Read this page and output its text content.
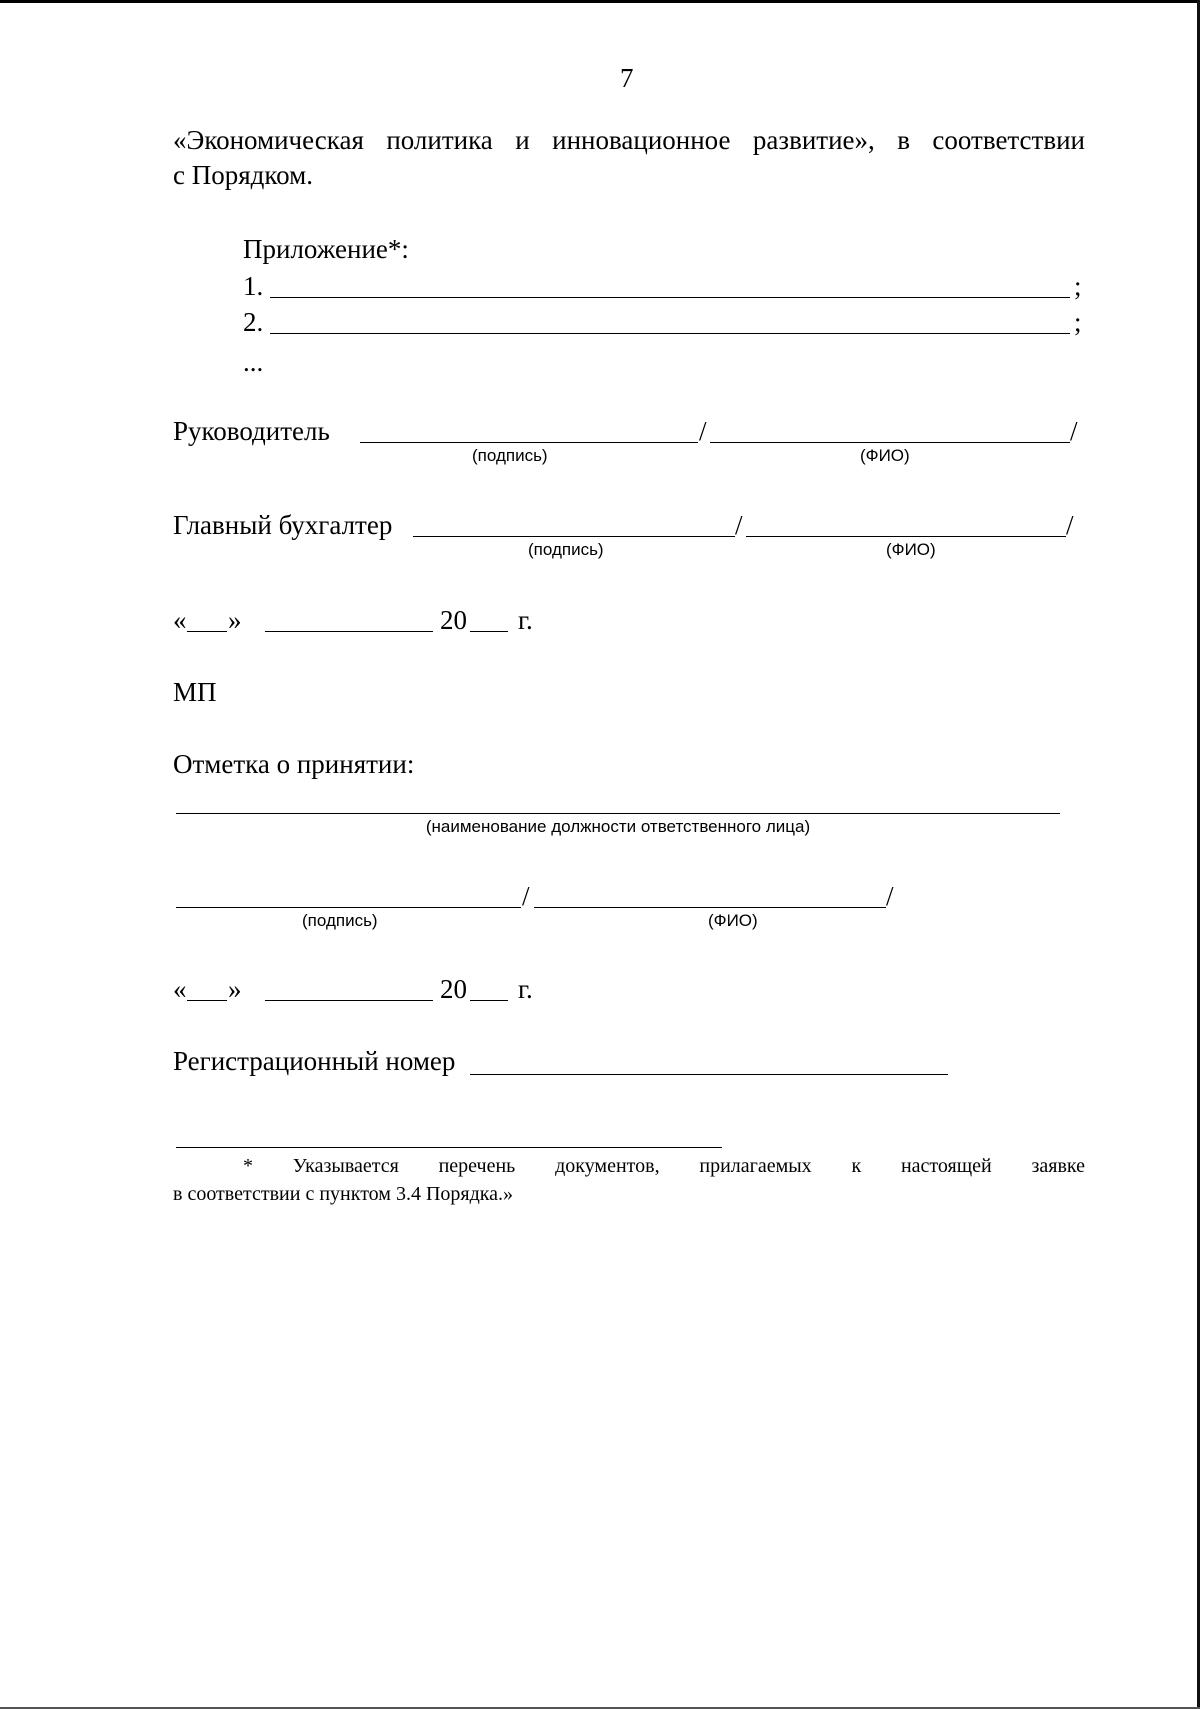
7
«Экономическая политика и инновационное развитие», в соответствии
с Порядком.
Приложение*:
1.	;
2.	;
...
Руководитель	/	/
(подпись)	(ФИО)
Главный бухгалтер	/	/
(подпись)	(ФИО)
« »	20 г.
МП
Отметка о принятии:
(наименование должности ответственного лица)
/	/
(подпись)	(ФИО)
« »	20 г.
Регистрационный номер
* Указывается перечень документов, прилагаемых к настоящей заявке
в соответствии с пунктом 3.4 Порядка.»
